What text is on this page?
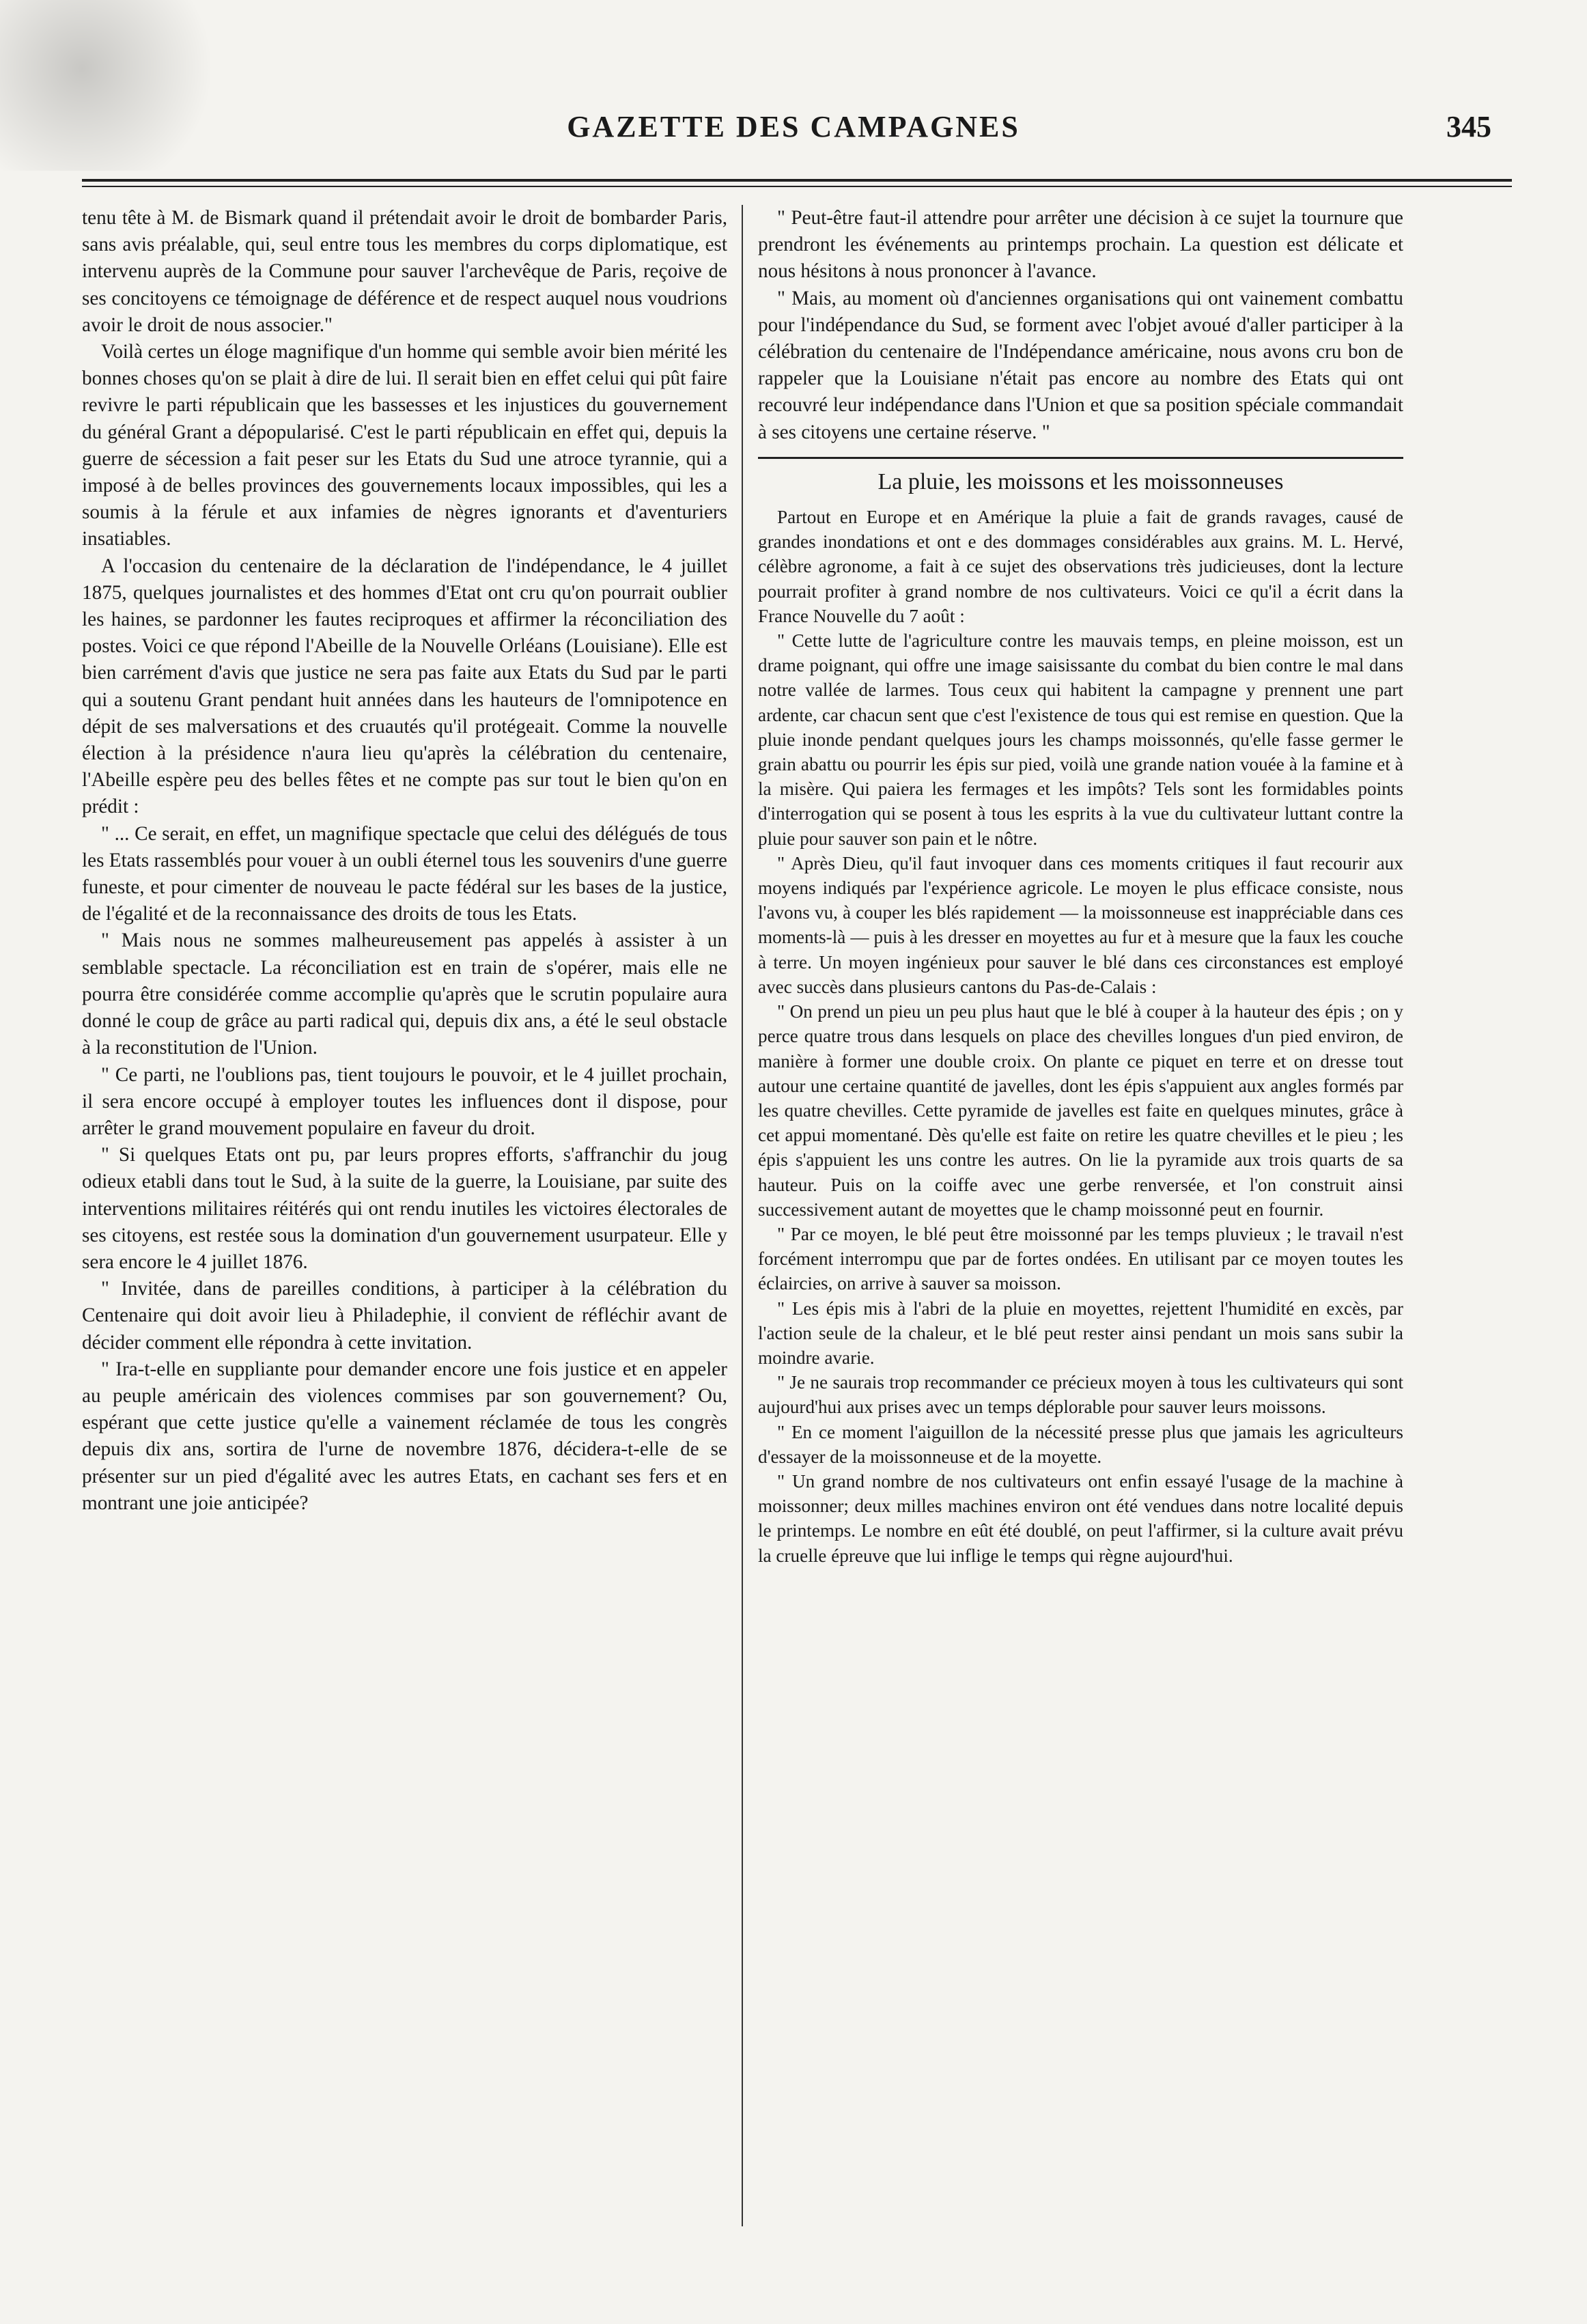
GAZETTE DES CAMPAGNES	345

tenu tête à M. de Bismark quand il prétendait avoir le droit de bombarder Paris, sans avis préalable, qui, seul entre tous les membres du corps diplomatique, est intervenu auprès de la Commune pour sauver l'archevêque de Paris, reçoive de ses concitoyens ce témoignage de déférence et de respect auquel nous voudrions avoir le droit de nous associer."

Voilà certes un éloge magnifique d'un homme qui semble avoir bien mérité les bonnes choses qu'on se plait à dire de lui. Il serait bien en effet celui qui pût faire revivre le parti républicain que les bassesses et les injustices du gouvernement du général Grant a dépopularisé. C'est le parti républicain en effet qui, depuis la guerre de sécession a fait peser sur les Etats du Sud une atroce tyrannie, qui a imposé à de belles provinces des gouvernements locaux impossibles, qui les a soumis à la férule et aux infamies de nègres ignorants et d'aventuriers insatiables.

A l'occasion du centenaire de la déclaration de l'indépendance, le 4 juillet 1875, quelques journalistes et des hommes d'Etat ont cru qu'on pourrait oublier les haines, se pardonner les fautes reciproques et affirmer la réconciliation des postes. Voici ce que répond l'Abeille de la Nouvelle Orléans (Louisiane). Elle est bien carrément d'avis que justice ne sera pas faite aux Etats du Sud par le parti qui a soutenu Grant pendant huit années dans les hauteurs de l'omnipotence en dépit de ses malversations et des cruautés qu'il protégeait. Comme la nouvelle élection à la présidence n'aura lieu qu'après la célébration du centenaire, l'Abeille espère peu des belles fêtes et ne compte pas sur tout le bien qu'on en prédit :

" ... Ce serait, en effet, un magnifique spectacle que celui des délégués de tous les Etats rassemblés pour vouer à un oubli éternel tous les souvenirs d'une guerre funeste, et pour cimenter de nouveau le pacte fédéral sur les bases de la justice, de l'égalité et de la reconnaissance des droits de tous les Etats.

" Mais nous ne sommes malheureusement pas appelés à assister à un semblable spectacle. La réconciliation est en train de s'opérer, mais elle ne pourra être considérée comme accomplie qu'après que le scrutin populaire aura donné le coup de grâce au parti radical qui, depuis dix ans, a été le seul obstacle à la reconstitution de l'Union.

" Ce parti, ne l'oublions pas, tient toujours le pouvoir, et le 4 juillet prochain, il sera encore occupé à employer toutes les influences dont il dispose, pour arrêter le grand mouvement populaire en faveur du droit.

" Si quelques Etats ont pu, par leurs propres efforts, s'affranchir du joug odieux etabli dans tout le Sud, à la suite de la guerre, la Louisiane, par suite des interventions militaires réitérés qui ont rendu inutiles les victoires électorales de ses citoyens, est restée sous la domination d'un gouvernement usurpateur. Elle y sera encore le 4 juillet 1876.

" Invitée, dans de pareilles conditions, à participer à la célébration du Centenaire qui doit avoir lieu à Philadephie, il convient de réfléchir avant de décider comment elle répondra à cette invitation.

" Ira-t-elle en suppliante pour demander encore une fois justice et en appeler au peuple américain des violences commises par son gouvernement? Ou, espérant que cette justice qu'elle a vainement réclamée de tous les congrès depuis dix ans, sortira de l'urne de novembre 1876, décidera-t-elle de se présenter sur un pied d'égalité avec les autres Etats, en cachant ses fers et en montrant une joie anticipée?

" Peut-être faut-il attendre pour arrêter une décision à ce sujet la tournure que prendront les événements au printemps prochain. La question est délicate et nous hésitons à nous prononcer à l'avance.

" Mais, au moment où d'anciennes organisations qui ont vainement combattu pour l'indépendance du Sud, se forment avec l'objet avoué d'aller participer à la célébration du centenaire de l'Indépendance américaine, nous avons cru bon de rappeler que la Louisiane n'était pas encore au nombre des Etats qui ont recouvré leur indépendance dans l'Union et que sa position spéciale commandait à ses citoyens une certaine réserve. "

La pluie, les moissons et les moissonneuses

Partout en Europe et en Amérique la pluie a fait de grands ravages, causé de grandes inondations et ont e des dommages considérables aux grains. M. L. Hervé, célèbre agronome, a fait à ce sujet des observations très judicieuses, dont la lecture pourrait profiter à grand nombre de nos cultivateurs. Voici ce qu'il a écrit dans la France Nouvelle du 7 août :

" Cette lutte de l'agriculture contre les mauvais temps, en pleine moisson, est un drame poignant, qui offre une image saisissante du combat du bien contre le mal dans notre vallée de larmes. Tous ceux qui habitent la campagne y prennent une part ardente, car chacun sent que c'est l'existence de tous qui est remise en question. Que la pluie inonde pendant quelques jours les champs moissonnés, qu'elle fasse germer le grain abattu ou pourrir les épis sur pied, voilà une grande nation vouée à la famine et à la misère. Qui paiera les fermages et les impôts? Tels sont les formidables points d'interrogation qui se posent à tous les esprits à la vue du cultivateur luttant contre la pluie pour sauver son pain et le nôtre.

" Après Dieu, qu'il faut invoquer dans ces moments critiques il faut recourir aux moyens indiqués par l'expérience agricole. Le moyen le plus efficace consiste, nous l'avons vu, à couper les blés rapidement — la moissonneuse est inappréciable dans ces moments-là — puis à les dresser en moyettes au fur et à mesure que la faux les couche à terre. Un moyen ingénieux pour sauver le blé dans ces circonstances est employé avec succès dans plusieurs cantons du Pas-de-Calais :

" On prend un pieu un peu plus haut que le blé à couper à la hauteur des épis ; on y perce quatre trous dans lesquels on place des chevilles longues d'un pied environ, de manière à former une double croix. On plante ce piquet en terre et on dresse tout autour une certaine quantité de javelles, dont les épis s'appuient aux angles formés par les quatre chevilles. Cette pyramide de javelles est faite en quelques minutes, grâce à cet appui momentané. Dès qu'elle est faite on retire les quatre chevilles et le pieu ; les épis s'appuient les uns contre les autres. On lie la pyramide aux trois quarts de sa hauteur. Puis on la coiffe avec une gerbe renversée, et l'on construit ainsi successivement autant de moyettes que le champ moissonné peut en fournir.

" Par ce moyen, le blé peut être moissonné par les temps pluvieux ; le travail n'est forcément interrompu que par de fortes ondées. En utilisant par ce moyen toutes les éclaircies, on arrive à sauver sa moisson.

" Les épis mis à l'abri de la pluie en moyettes, rejettent l'humidité en excès, par l'action seule de la chaleur, et le blé peut rester ainsi pendant un mois sans subir la moindre avarie.

" Je ne saurais trop recommander ce précieux moyen à tous les cultivateurs qui sont aujourd'hui aux prises avec un temps déplorable pour sauver leurs moissons.

" En ce moment l'aiguillon de la nécessité presse plus que jamais les agriculteurs d'essayer de la moissonneuse et de la moyette.

" Un grand nombre de nos cultivateurs ont enfin essayé l'usage de la machine à moissonner; deux milles machines environ ont été vendues dans notre localité depuis le printemps. Le nombre en eût été doublé, on peut l'affirmer, si la culture avait prévu la cruelle épreuve que lui inflige le temps qui règne aujourd'hui.
